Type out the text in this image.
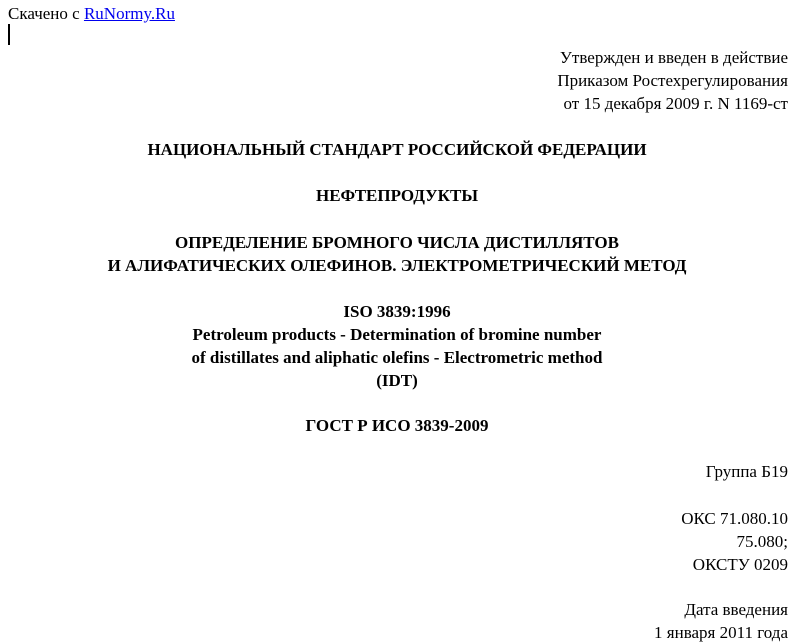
Скачено с RuNormy.Ru
Утвержден и введен в действие
Приказом Ростехрегулирования
от 15 декабря 2009 г. N 1169-ст
НАЦИОНАЛЬНЫЙ СТАНДАРТ РОССИЙСКОЙ ФЕДЕРАЦИИ
НЕФТЕПРОДУКТЫ
ОПРЕДЕЛЕНИЕ БРОМНОГО ЧИСЛА ДИСТИЛЛЯТОВ
И АЛИФАТИЧЕСКИХ ОЛЕФИНОВ. ЭЛЕКТРОМЕТРИЧЕСКИЙ МЕТОД
ISO 3839:1996
Petroleum products - Determination of bromine number
of distillates and aliphatic olefins - Electrometric method
(IDT)
ГОСТ Р ИСО 3839-2009
Группа Б19
ОКС 71.080.10
75.080;
ОКСТУ 0209
Дата введения
1 января 2011 года
